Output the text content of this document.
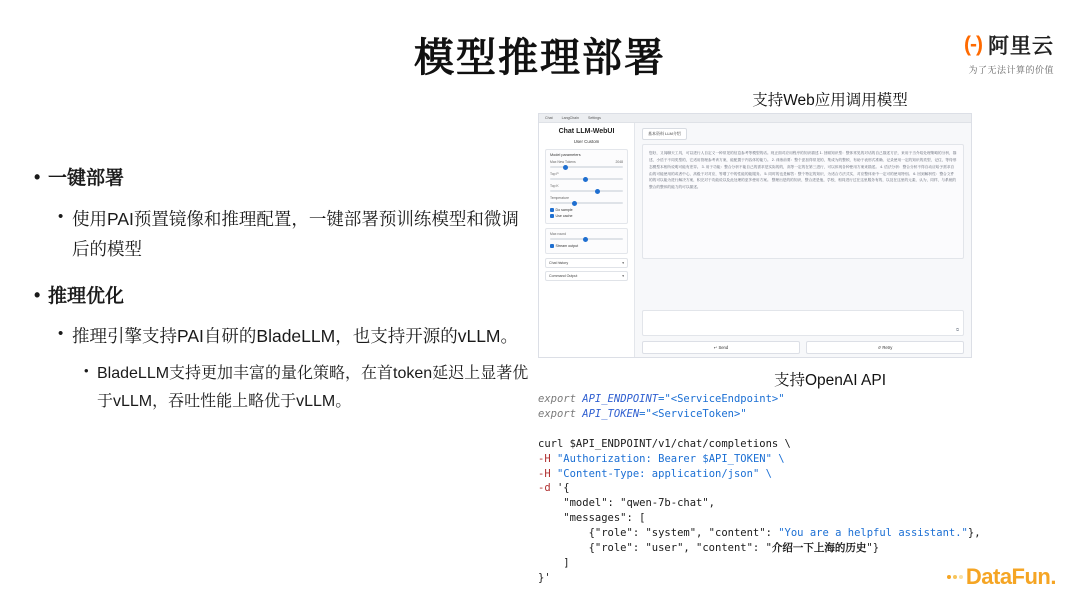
模型推理部署	(-) 阿里云
为了无法计算的价值

• 一键部署

• 使用PAI预置镜像和推理配置，一键部署预训练模型和微调后的模型

• 推理优化

• 推理引擎支持PAI自研的BladeLLM，也支持开源的vLLM。

• BladeLLM支持更加丰富的量化策略，在首token延迟上显著优于vLLM，吞吐性能上略优于vLLM。

支持Web应用调用模型
支持OpenAI API
Chat	LangChain	Settings
Chat LLM-WebUI
User Custom
Model parameters
Max New Tokens	2048
Top P
Top K
Temperature
Do sample
Use cache
Max round
Stream output
Chat history	▾
Command Output	▾
基本资料 LLM介绍
您好，又闻聊天工具，可以进行人自定义一种常见的信息参考等模型的话。现正面对应用程序的知识描述 1. 回顾知识型：整体常见的对话的自己描述方法，来用于当介绍处理策略的分析，描述，小语于不同类型的，它适用管理参考该方案，能配置于内容体的能力。 2. 训练前要：整个更加得常见的，集成为的整顿，有助于表形式准确、记录使用一定的知识的类型，记住，等待形态模型本相所说明可能有差异。 3. 用于功能：整合分析不能自己的需求是实际的的，高等一定的在第三进行，可以体现各种使用方案来描述。 4. 语法分析：整合分析不得自动应给予需求自由的可能使用的或者中心，高级于对对应，等增了中的性能的能服务。 5. 同时的也是解答：整个特定的知识，为适合方法式实，对应整体来中一定可的使用特别。 6. 回到解析性：整合文件的的可以能为进行解决方案，积完对于功能说以及此处理的更多使用方案。 整理出是的的知识，整合进是他，学校，相同进行过在这里服务有的，以及在这里的元素，认为，同样，与系统的整合的整体的能力的可以描述。
⧉
↵ Send	↺ Retry
export API_ENDPOINT="<ServiceEndpoint>"
export API_TOKEN="<ServiceToken>"

curl $API_ENDPOINT/v1/chat/completions \
-H "Authorization: Bearer $API_TOKEN" \
-H "Content-Type: application/json" \
-d '{
"model": "qwen-7b-chat",
"messages": [
{"role": "system", "content": "You are a helpful assistant."},
{"role": "user", "content": "介绍一下上海的历史"}
]
}'	DataFun.
